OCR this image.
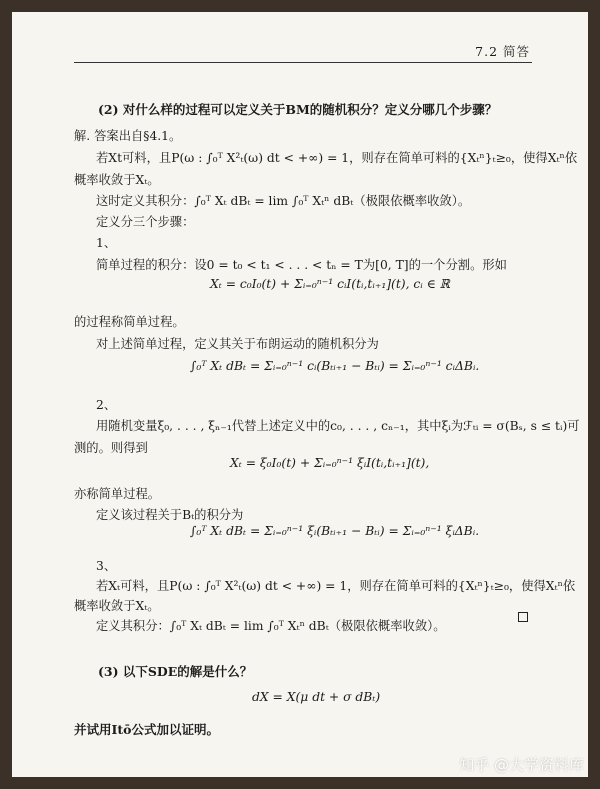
7.2 简答
(2) 对什么样的过程可以定义关于BM的随机积分？定义分哪几个步骤？
解. 答案出自§4.1。
若Xt可料，且P(ω : ∫₀ᵀ X²ₜ(ω) dt < +∞) = 1，则存在简单可料的{Xₜⁿ}ₜ≥₀，使得Xₜⁿ依
概率收敛于Xₜ。
这时定义其积分：∫₀ᵀ Xₜ dBₜ = lim ∫₀ᵀ Xₜⁿ dBₜ（极限依概率收敛）。
定义分三个步骤：
1、
简单过程的积分：设0 = t₀ < t₁ < . . . < tₙ = T为[0, T]的一个分割。形如
Xₜ = c₀I₀(t) + Σᵢ₌₀ⁿ⁻¹ cᵢI(tᵢ,tᵢ₊₁](t), cᵢ ∈ ℝ
的过程称简单过程。
对上述简单过程，定义其关于布朗运动的随机积分为
∫₀ᵀ Xₜ dBₜ = Σᵢ₌₀ⁿ⁻¹ cᵢ(Bₜᵢ₊₁ − Bₜᵢ) = Σᵢ₌₀ⁿ⁻¹ cᵢΔBᵢ.
2、
用随机变量ξ₀, . . . , ξₙ₋₁代替上述定义中的c₀, . . . , cₙ₋₁，其中ξᵢ为ℱₜᵢ = σ(Bₛ, s ≤ tᵢ)可
测的。则得到
Xₜ = ξ₀I₀(t) + Σᵢ₌₀ⁿ⁻¹ ξᵢI(tᵢ,tᵢ₊₁](t),
亦称简单过程。
定义该过程关于Bₜ的积分为
∫₀ᵀ Xₜ dBₜ = Σᵢ₌₀ⁿ⁻¹ ξᵢ(Bₜᵢ₊₁ − Bₜᵢ) = Σᵢ₌₀ⁿ⁻¹ ξᵢΔBᵢ.
3、
若Xₜ可料，且P(ω : ∫₀ᵀ X²ₜ(ω) dt < +∞) = 1，则存在简单可料的{Xₜⁿ}ₜ≥₀，使得Xₜⁿ依
概率收敛于Xₜ。
定义其积分：∫₀ᵀ Xₜ dBₜ = lim ∫₀ᵀ Xₜⁿ dBₜ（极限依概率收敛）。
(3) 以下SDE的解是什么？
dX = X(μ dt + σ dBₜ)
并试用Itō公式加以证明。
知乎 @大学资料库
